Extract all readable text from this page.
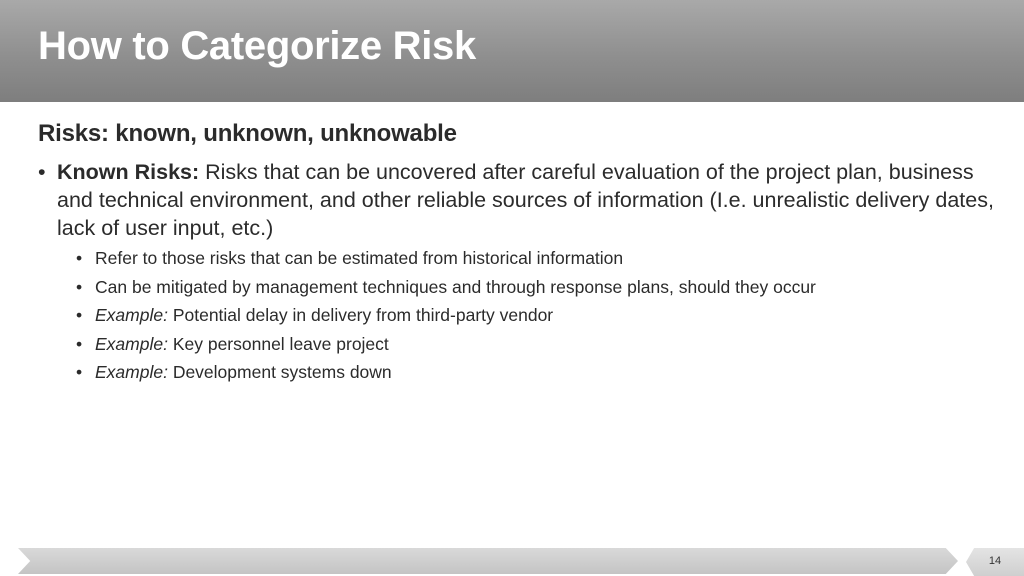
How to Categorize Risk
Risks: known, unknown, unknowable
• Known Risks: Risks that can be uncovered after careful evaluation of the project plan, business and technical environment, and other reliable sources of information (I.e. unrealistic delivery dates, lack of user input, etc.)
• Refer to those risks that can be estimated from historical information
• Can be mitigated by management techniques and through response plans, should they occur
• Example: Potential delay in delivery from third-party vendor
• Example: Key personnel leave project
• Example: Development systems down
14
